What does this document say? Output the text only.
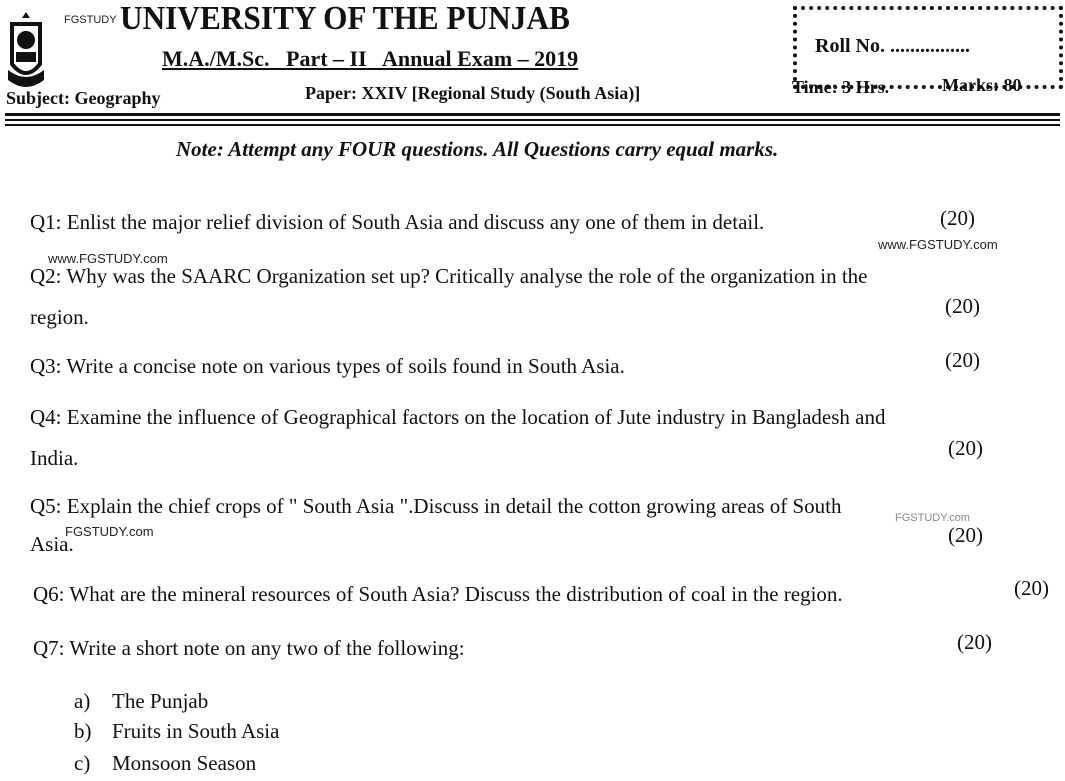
FGSTUDY UNIVERSITY OF THE PUNJAB
M.A./M.Sc.   Part – II   Annual Exam – 2019
Subject: Geography	Paper: XXIV [Regional Study (South Asia)]
Roll No. ................
Time: 3 Hrs.	Marks: 80
Note: Attempt any FOUR questions. All Questions carry equal marks.
Q1: Enlist the major relief division of South Asia and discuss any one of them in detail.	(20)
www.FGSTUDY.com
www.FGSTUDY.com
Q2: Why was the SAARC Organization set up? Critically analyse the role of the organization in the
region.	(20)
Q3: Write a concise note on various types of soils found in South Asia.	(20)
Q4: Examine the influence of Geographical factors on the location of Jute industry in Bangladesh and
India.	(20)
Q5: Explain the chief crops of " South Asia ".Discuss in detail the cotton growing areas of South
FGSTUDY.com
FGSTUDY.com
Asia.	(20)
Q6: What are the mineral resources of South Asia? Discuss the distribution of coal in the region.	(20)
Q7: Write a short note on any two of the following:	(20)
a) The Punjab
b) Fruits in South Asia
c) Monsoon Season
